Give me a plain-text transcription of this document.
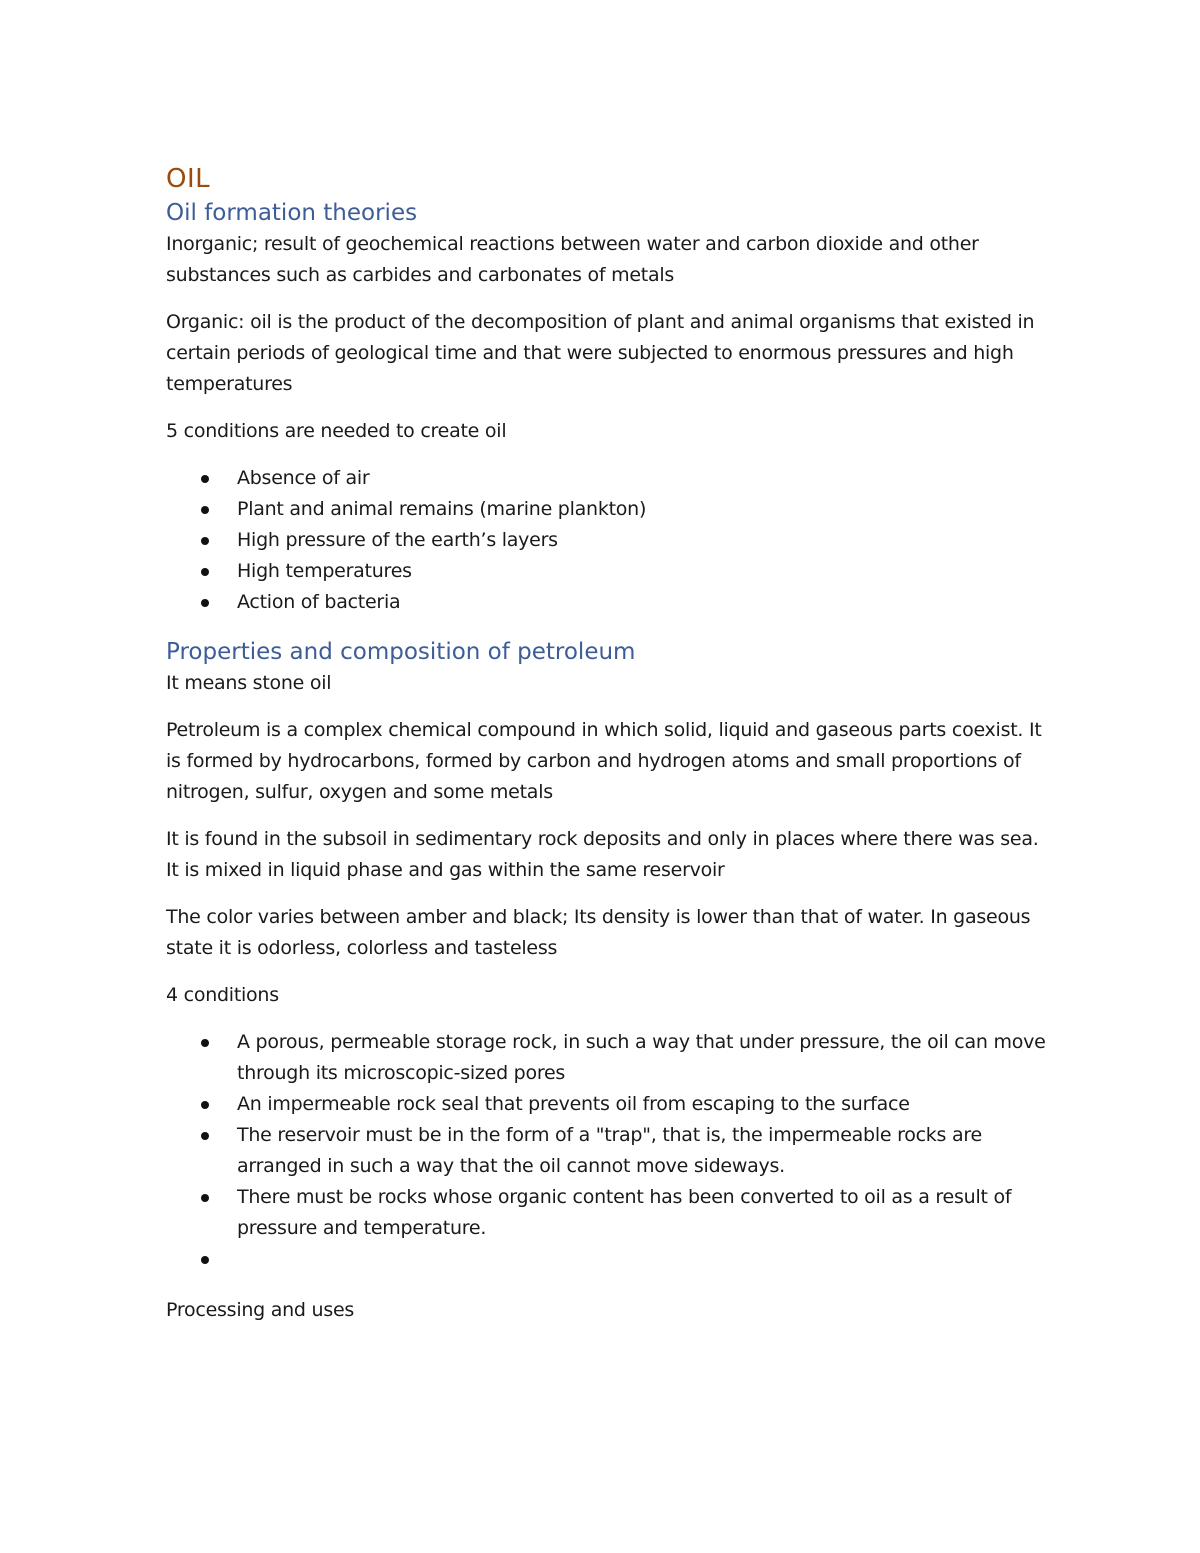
OIL
Oil formation theories

Inorganic; result of geochemical reactions between water and carbon dioxide and other substances such as carbides and carbonates of metals

Organic: oil is the product of the decomposition of plant and animal organisms that existed in certain periods of geological time and that were subjected to enormous pressures and high temperatures

5 conditions are needed to create oil

Absence of air
Plant and animal remains (marine plankton)
High pressure of the earth’s layers
High temperatures
Action of bacteria
Properties and composition of petroleum

It means stone oil

Petroleum is a complex chemical compound in which solid, liquid and gaseous parts coexist. It is formed by hydrocarbons, formed by carbon and hydrogen atoms and small proportions of nitrogen, sulfur, oxygen and some metals

It is found in the subsoil in sedimentary rock deposits and only in places where there was sea. It is mixed in liquid phase and gas within the same reservoir

The color varies between amber and black; Its density is lower than that of water. In gaseous state it is odorless, colorless and tasteless

4 conditions

A porous, permeable storage rock, in such a way that under pressure, the oil can move through its microscopic-sized pores
An impermeable rock seal that prevents oil from escaping to the surface
The reservoir must be in the form of a "trap", that is, the impermeable rocks are arranged in such a way that the oil cannot move sideways.
There must be rocks whose organic content has been converted to oil as a result of pressure and temperature.

Processing and uses
